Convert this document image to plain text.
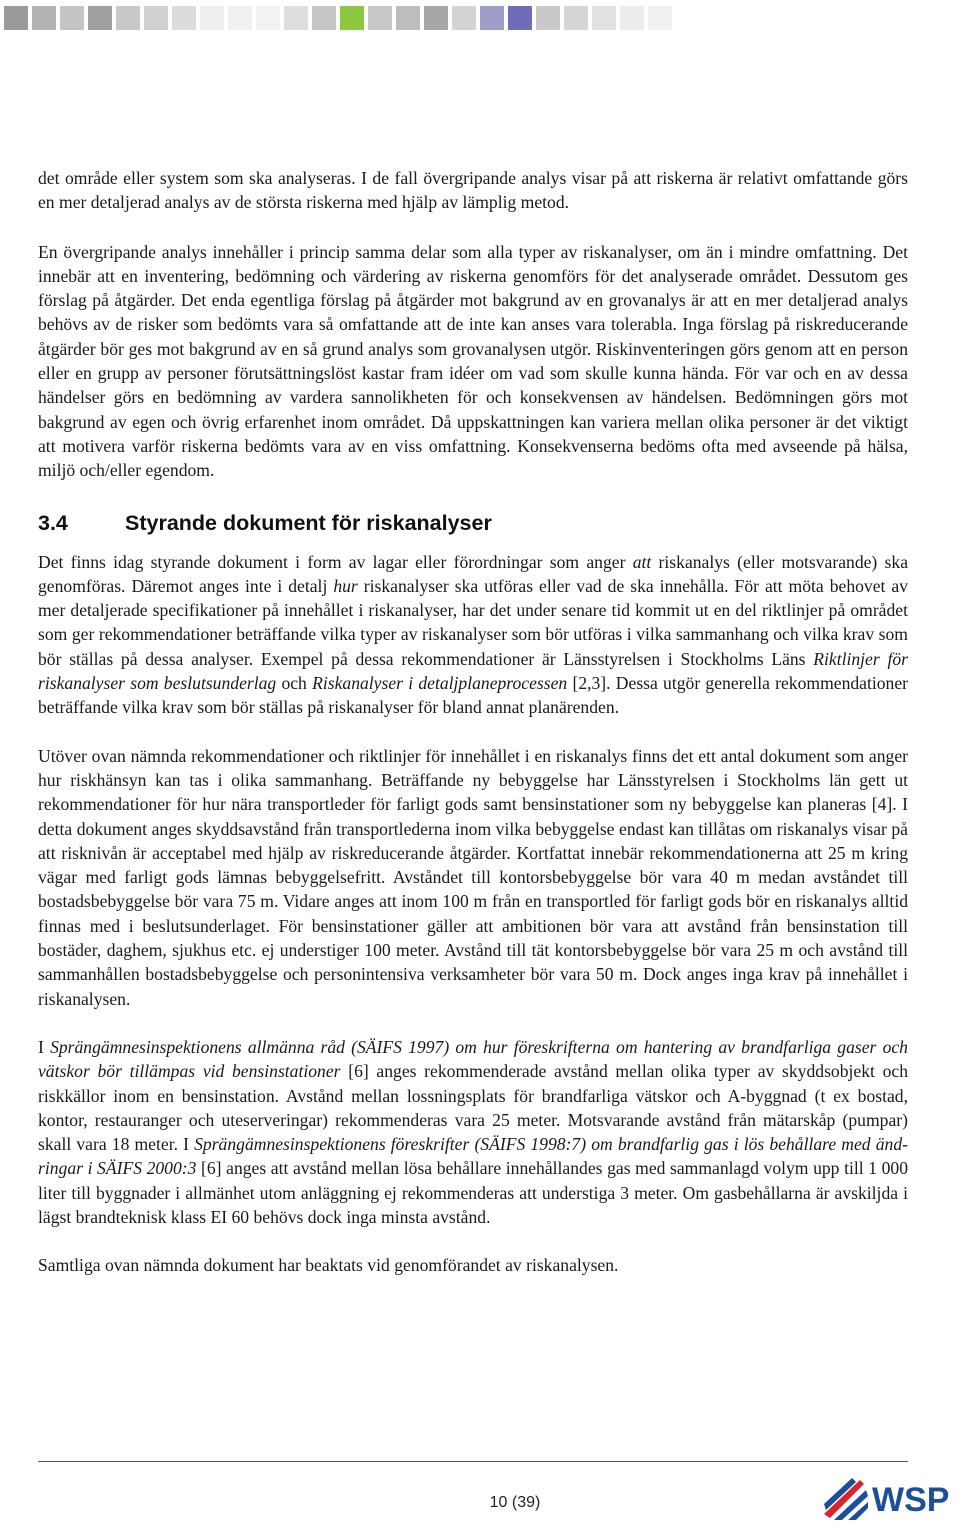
det område eller system som ska analyseras. I de fall övergripande analys visar på att riskerna är relativt omfattande görs en mer detaljerad analys av de största riskerna med hjälp av lämplig metod.

En övergripande analys innehåller i princip samma delar som alla typer av riskanalyser, om än i mindre omfattning. Det innebär att en inventering, bedömning och värdering av riskerna genomförs för det analyserade området. Dessutom ges förslag på åtgärder. Det enda egentliga förslag på åtgärder mot bakgrund av en grovanalys är att en mer detaljerad analys behövs av de risker som bedömts vara så omfattande att de inte kan anses vara tolerabla. Inga förslag på riskreducerande åtgärder bör ges mot bakgrund av en så grund analys som grovanalysen utgör. Riskinventeringen görs genom att en person eller en grupp av personer förutsättningslöst kastar fram idéer om vad som skulle kunna hända. För var och en av dessa händelser görs en bedömning av vardera sannolikheten för och konsekvensen av händelsen. Bedömningen görs mot bakgrund av egen och övrig erfarenhet inom området. Då uppskattningen kan variera mellan olika personer är det viktigt att motivera varför riskerna bedömts vara av en viss omfattning. Konsekvenserna bedöms ofta med avseende på hälsa, miljö och/eller egendom.

3.4	Styrande dokument för riskanalyser

Det finns idag styrande dokument i form av lagar eller förordningar som anger att riskanalys (eller motsvarande) ska genomföras. Däremot anges inte i detalj hur riskanalyser ska utföras eller vad de ska innehålla. För att möta behovet av mer detaljerade specifikationer på innehållet i riskanalyser, har det under senare tid kommit ut en del riktlinjer på området som ger rekommendationer beträffande vilka typer av riskanalyser som bör utföras i vilka sammanhang och vilka krav som bör ställas på dessa analyser. Exempel på dessa rekommendationer är Länsstyrelsen i Stockholms Läns Riktlinjer för riskanalyser som beslutsunderlag och Riskanalyser i detaljplaneprocessen [2,3]. Dessa utgör generella rekommendationer beträffande vilka krav som bör ställas på riskanalyser för bland annat planärenden.

Utöver ovan nämnda rekommendationer och riktlinjer för innehållet i en riskanalys finns det ett antal dokument som anger hur riskhänsyn kan tas i olika sammanhang. Beträffande ny bebyggelse har Länsstyrelsen i Stockholms län gett ut rekommendationer för hur nära transportleder för farligt gods samt bensinstationer som ny bebyggelse kan planeras [4]. I detta dokument anges skyddsavstånd från transportlederna inom vilka bebyggelse endast kan tillåtas om riskanalys visar på att risknivån är acceptabel med hjälp av riskreducerande åtgärder. Kortfattat innebär rekommendationerna att 25 m kring vägar med farligt gods lämnas bebyggelsefritt. Avståndet till kontorsbebyggelse bör vara 40 m medan avståndet till bostadsbebyggelse bör vara 75 m. Vidare anges att inom 100 m från en transportled för farligt gods bör en riskanalys alltid finnas med i beslutsunderlaget. För bensinstationer gäller att ambitionen bör vara att avstånd från bensinstation till bostäder, daghem, sjukhus etc. ej understiger 100 meter. Avstånd till tät kontorsbebyggelse bör vara 25 m och avstånd till sammanhållen bostadsbebyggelse och personintensiva verksamheter bör vara 50 m. Dock anges inga krav på innehållet i riskanalysen.

I Sprängämnesinspektionens allmänna råd (SÄIFS 1997) om hur föreskrifterna om hantering av brandfarliga gaser och vätskor bör tillämpas vid bensinstationer [6] anges rekommenderade avstånd mellan olika typer av skyddsobjekt och riskkällor inom en bensinstation. Avstånd mellan lossningsplats för brandfarliga vätskor och A-byggnad (t ex bostad, kontor, restauranger och uteserveringar) rekommenderas vara 25 meter. Motsvarande avstånd från mätarskåp (pumpar) skall vara 18 meter. I Sprängämnesinspektionens föreskrifter (SÄIFS 1998:7) om brandfarlig gas i lös behållare med ändringar i SÄIFS 2000:3 [6] anges att avstånd mellan lösa behållare innehållandes gas med sammanlagd volym upp till 1 000 liter till byggnader i allmänhet utom anläggning ej rekommenderas att understiga 3 meter. Om gasbehållarna är avskiljda i lägst brandteknisk klass EI 60 behövs dock inga minsta avstånd.

Samtliga ovan nämnda dokument har beaktats vid genomförandet av riskanalysen.

10 (39)	WSP
